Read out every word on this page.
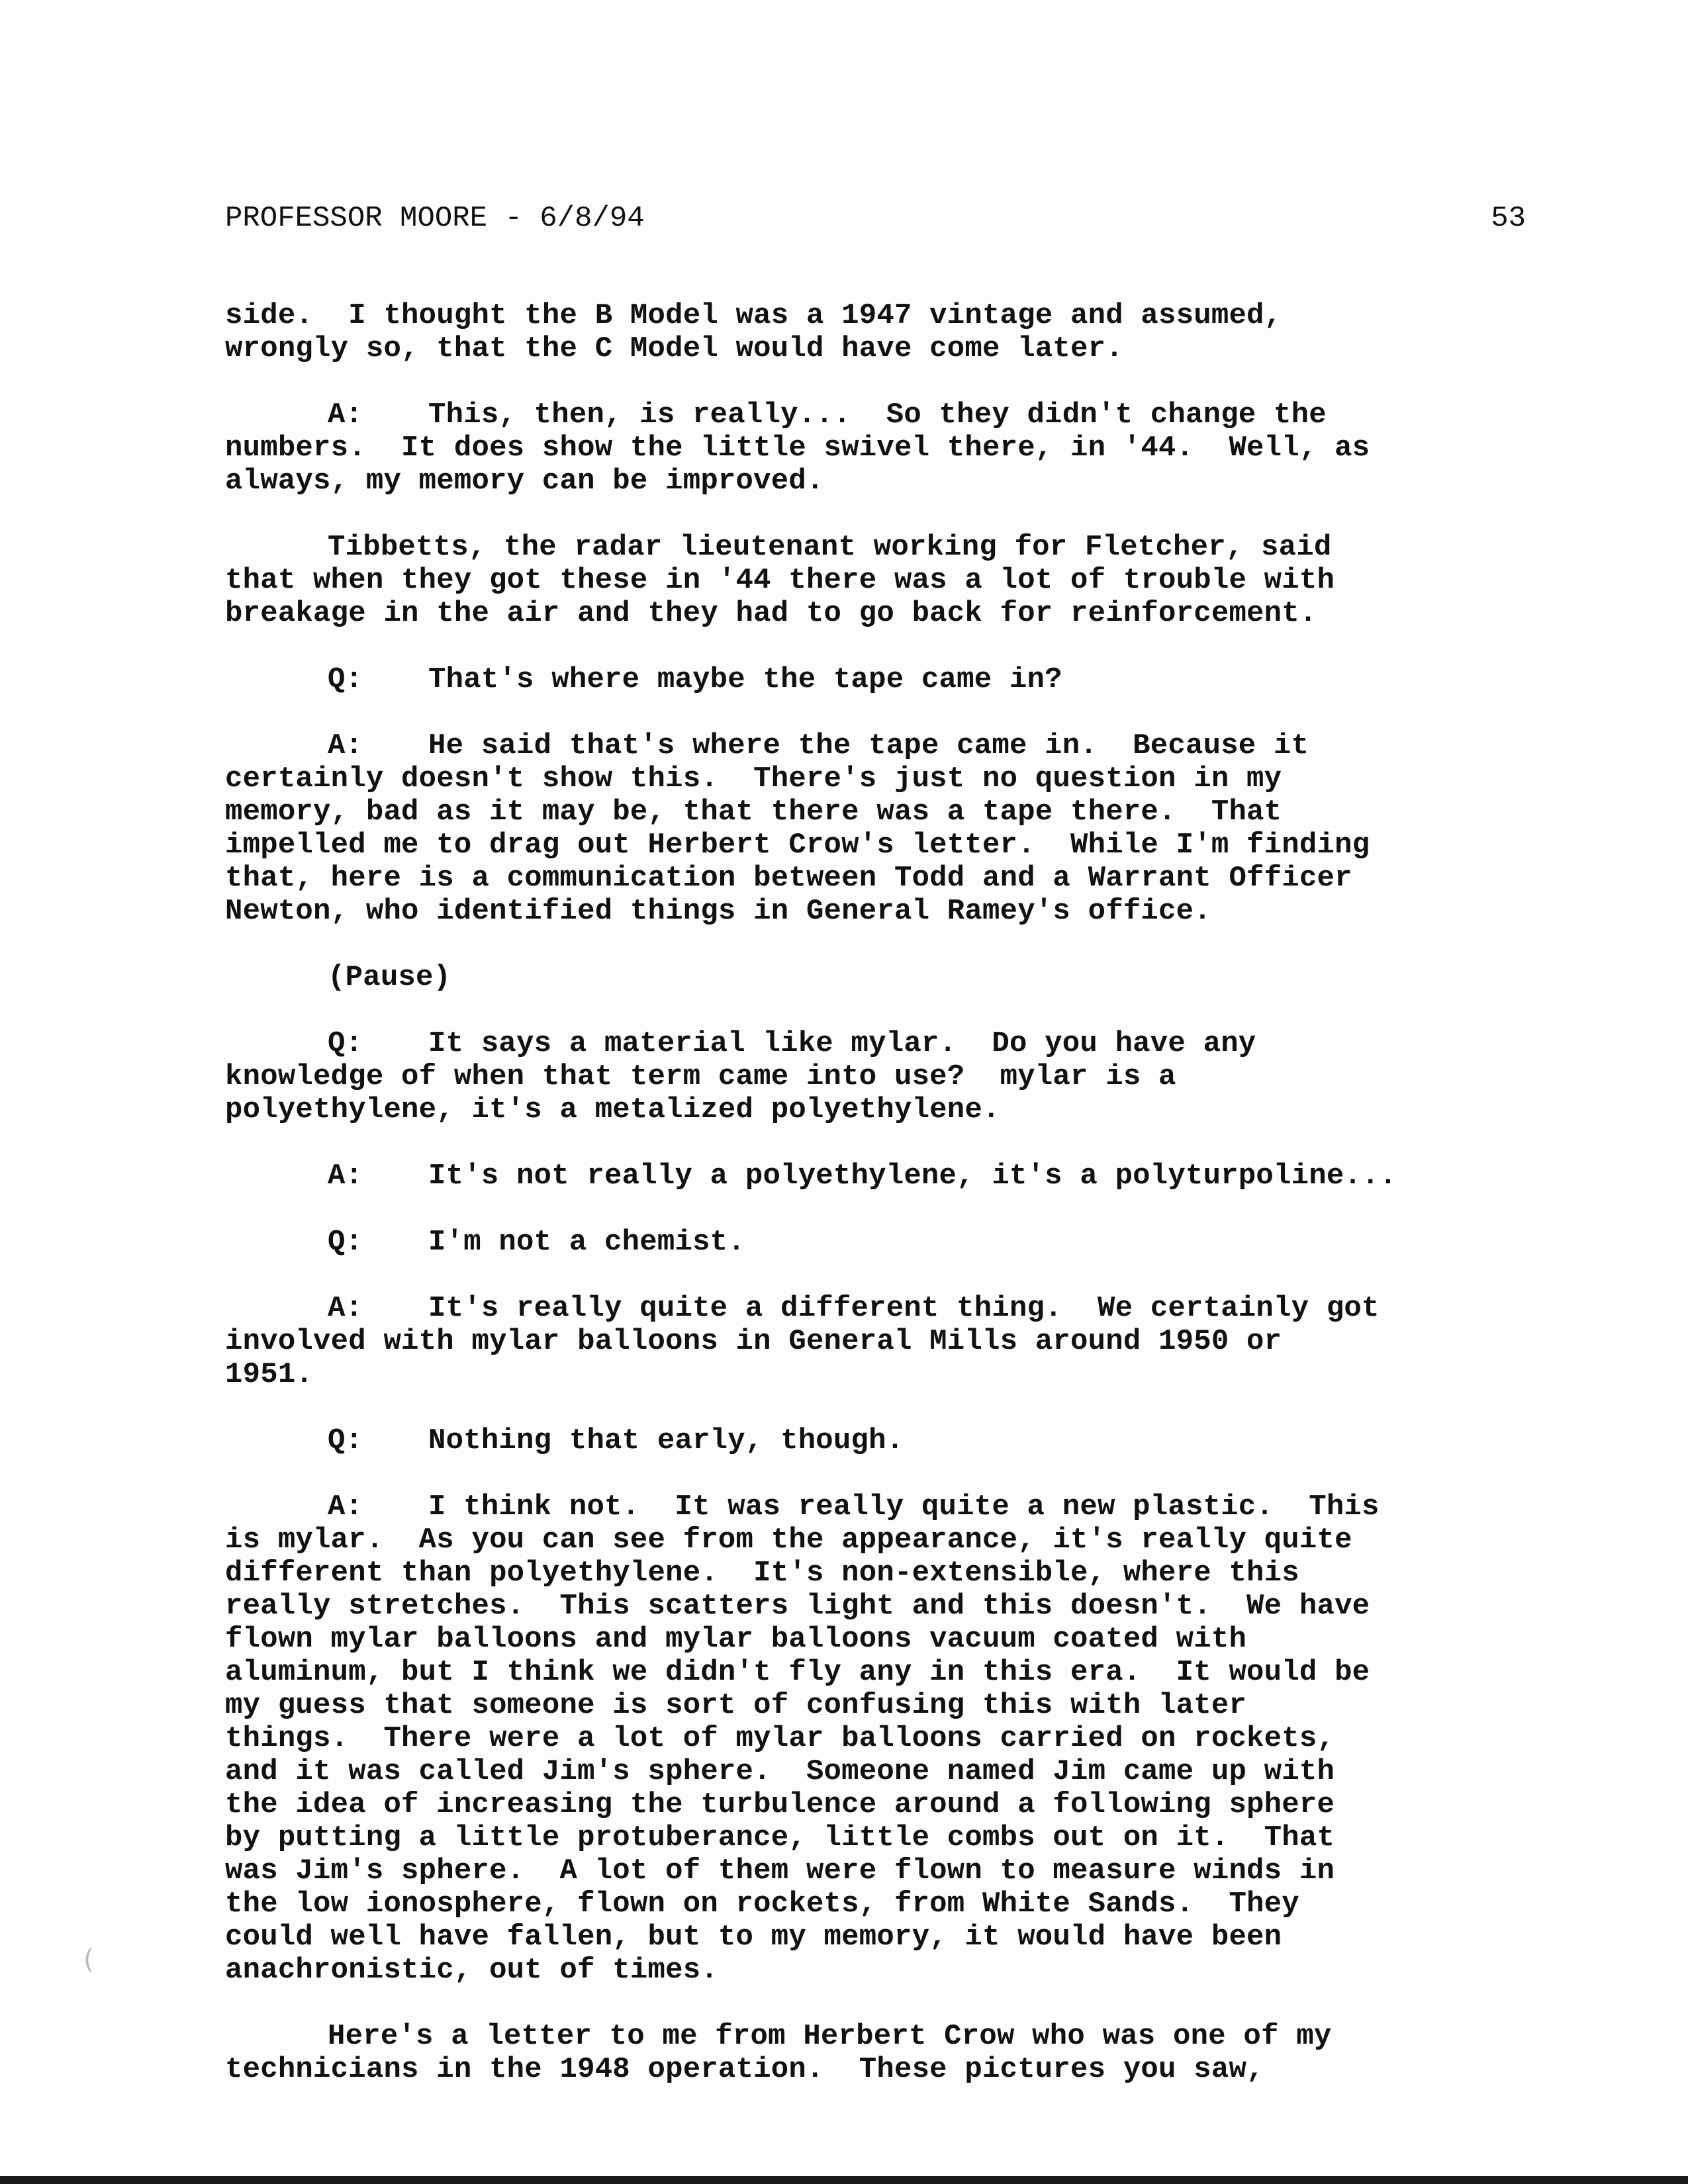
PROFESSOR MOORE - 6/8/94	53
side.  I thought the B Model was a 1947 vintage and assumed,
wrongly so, that the C Model would have come later.
A: This, then, is really...  So they didn't change the
numbers.  It does show the little swivel there, in '44.  Well, as
always, my memory can be improved.
Tibbetts, the radar lieutenant working for Fletcher, said
that when they got these in '44 there was a lot of trouble with
breakage in the air and they had to go back for reinforcement.
Q: That's where maybe the tape came in?
A: He said that's where the tape came in.  Because it
certainly doesn't show this.  There's just no question in my
memory, bad as it may be, that there was a tape there.  That
impelled me to drag out Herbert Crow's letter.  While I'm finding
that, here is a communication between Todd and a Warrant Officer
Newton, who identified things in General Ramey's office.
(Pause)
Q: It says a material like mylar.  Do you have any
knowledge of when that term came into use?  mylar is a
polyethylene, it's a metalized polyethylene.
A: It's not really a polyethylene, it's a polyturpoline...
Q: I'm not a chemist.
A: It's really quite a different thing.  We certainly got
involved with mylar balloons in General Mills around 1950 or
1951.
Q: Nothing that early, though.
A: I think not.  It was really quite a new plastic.  This
is mylar.  As you can see from the appearance, it's really quite
different than polyethylene.  It's non-extensible, where this
really stretches.  This scatters light and this doesn't.  We have
flown mylar balloons and mylar balloons vacuum coated with
aluminum, but I think we didn't fly any in this era.  It would be
my guess that someone is sort of confusing this with later
things.  There were a lot of mylar balloons carried on rockets,
and it was called Jim's sphere.  Someone named Jim came up with
the idea of increasing the turbulence around a following sphere
by putting a little protuberance, little combs out on it.  That
was Jim's sphere.  A lot of them were flown to measure winds in
the low ionosphere, flown on rockets, from White Sands.  They
could well have fallen, but to my memory, it would have been
anachronistic, out of times.
Here's a letter to me from Herbert Crow who was one of my
technicians in the 1948 operation.  These pictures you saw,
(
